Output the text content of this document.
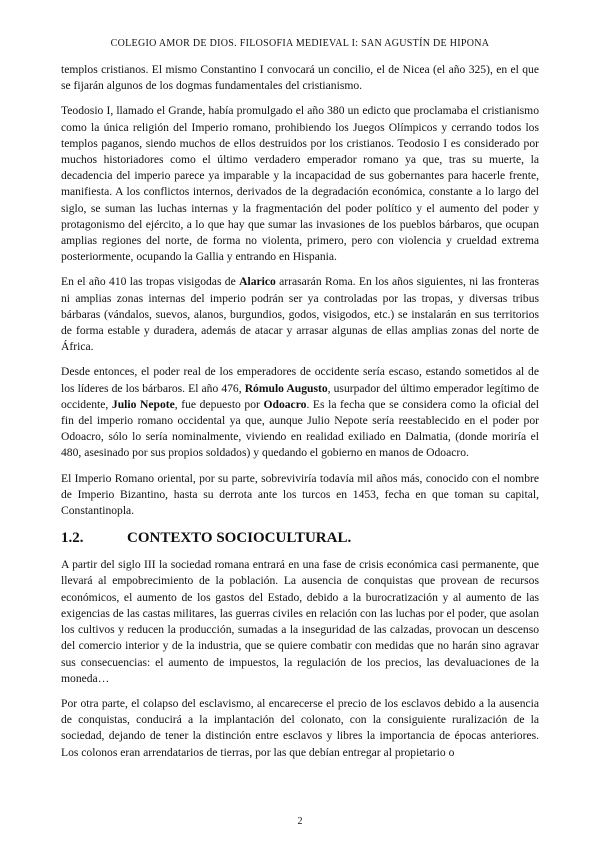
COLEGIO AMOR DE DIOS. FILOSOFIA MEDIEVAL I: SAN AGUSTÍN DE HIPONA

templos cristianos. El mismo Constantino I convocará un concilio, el de Nicea (el año 325), en el que se fijarán algunos de los dogmas fundamentales del cristianismo.

Teodosio I, llamado el Grande, había promulgado el año 380 un edicto que proclamaba el cristianismo como la única religión del Imperio romano, prohibiendo los Juegos Olímpicos y cerrando todos los templos paganos, siendo muchos de ellos destruidos por los cristianos. Teodosio I es considerado por muchos historiadores como el último verdadero emperador romano ya que, tras su muerte, la decadencia del imperio parece ya imparable y la incapacidad de sus gobernantes para hacerle frente, manifiesta. A los conflictos internos, derivados de la degradación económica, constante a lo largo del siglo, se suman las luchas internas y la fragmentación del poder político y el aumento del poder y protagonismo del ejército, a lo que hay que sumar las invasiones de los pueblos bárbaros, que ocupan amplias regiones del norte, de forma no violenta, primero, pero con violencia y crueldad extrema posteriormente, ocupando la Gallia y entrando en Hispania.

En el año 410 las tropas visigodas de Alarico arrasarán Roma. En los años siguientes, ni las fronteras ni amplias zonas internas del imperio podrán ser ya controladas por las tropas, y diversas tribus bárbaras (vándalos, suevos, alanos, burgundios, godos, visigodos, etc.) se instalarán en sus territorios de forma estable y duradera, además de atacar y arrasar algunas de ellas amplias zonas del norte de África.

Desde entonces, el poder real de los emperadores de occidente sería escaso, estando sometidos al de los líderes de los bárbaros. El año 476, Rómulo Augusto, usurpador del último emperador legítimo de occidente, Julio Nepote, fue depuesto por Odoacro. Es la fecha que se considera como la oficial del fin del imperio romano occidental ya que, aunque Julio Nepote sería reestablecido en el poder por Odoacro, sólo lo sería nominalmente, viviendo en realidad exiliado en Dalmatia, (donde moriría el 480, asesinado por sus propios soldados) y quedando el gobierno en manos de Odoacro.

El Imperio Romano oriental, por su parte, sobreviviría todavía mil años más, conocido con el nombre de Imperio Bizantino, hasta su derrota ante los turcos en 1453, fecha en que toman su capital, Constantinopla.

1.2.	CONTEXTO SOCIOCULTURAL.

A partir del siglo III la sociedad romana entrará en una fase de crisis económica casi permanente, que llevará al empobrecimiento de la población. La ausencia de conquistas que provean de recursos económicos, el aumento de los gastos del Estado, debido a la burocratización y al aumento de las exigencias de las castas militares, las guerras civiles en relación con las luchas por el poder, que asolan los cultivos y reducen la producción, sumadas a la inseguridad de las calzadas, provocan un descenso del comercio interior y de la industria, que se quiere combatir con medidas que no harán sino agravar sus consecuencias: el aumento de impuestos, la regulación de los precios, las devaluaciones de la moneda…

Por otra parte, el colapso del esclavismo, al encarecerse el precio de los esclavos debido a la ausencia de conquistas, conducirá a la implantación del colonato, con la consiguiente ruralización de la sociedad, dejando de tener la distinción entre esclavos y libres la importancia de épocas anteriores. Los colonos eran arrendatarios de tierras, por las que debían entregar al propietario o

2
